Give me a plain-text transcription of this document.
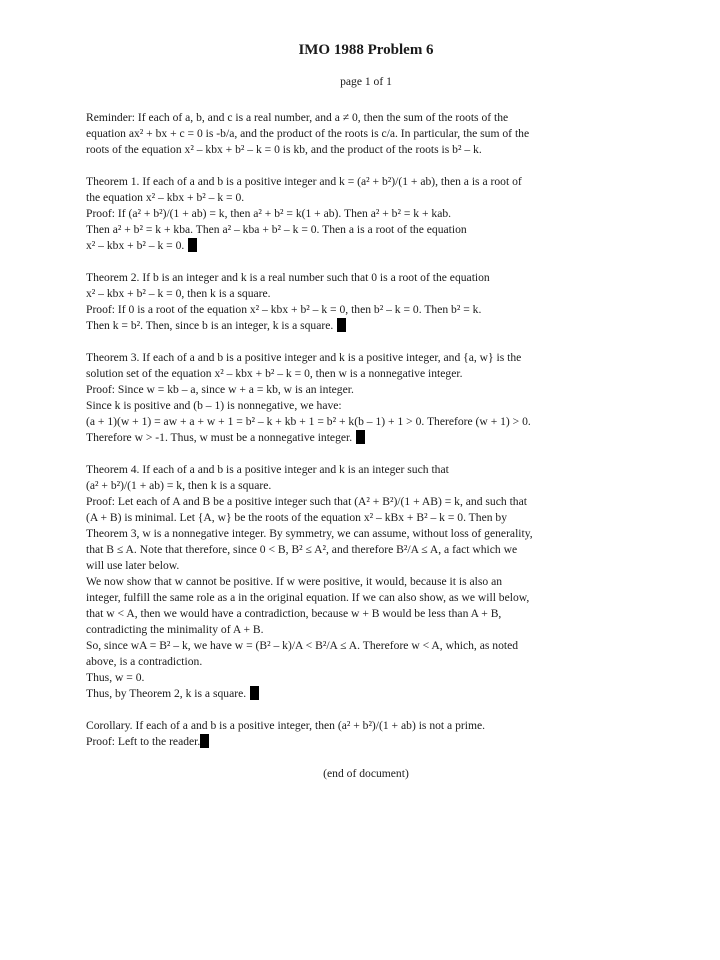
IMO 1988 Problem 6
page 1 of 1
Reminder: If each of a, b, and c is a real number, and a ≠ 0, then the sum of the roots of the
equation ax² + bx + c = 0 is -b/a, and the product of the roots is c/a. In particular, the sum of the
roots of the equation x² – kbx + b² – k = 0 is kb, and the product of the roots is b² – k.
Theorem 1. If each of a and b is a positive integer and k = (a² + b²)/(1 + ab), then a is a root of
the equation x² – kbx + b² – k = 0.
Proof: If (a² + b²)/(1 + ab) = k, then a² + b² = k(1 + ab). Then a² + b² = k + kab.
Then a² + b² = k + kba. Then a² – kba + b² – k = 0. Then a is a root of the equation
x² – kbx + b² – k = 0.
Theorem 2. If b is an integer and k is a real number such that 0 is a root of the equation
x² – kbx + b² – k = 0, then k is a square.
Proof: If 0 is a root of the equation x² – kbx + b² – k = 0, then b² – k = 0. Then b² = k.
Then k = b². Then, since b is an integer, k is a square.
Theorem 3. If each of a and b is a positive integer and k is a positive integer, and {a, w} is the
solution set of the equation x² – kbx + b² – k = 0, then w is a nonnegative integer.
Proof: Since w = kb – a, since w + a = kb, w is an integer.
Since k is positive and (b – 1) is nonnegative, we have:
(a + 1)(w + 1) = aw + a + w + 1 = b² – k + kb + 1 = b² + k(b – 1) + 1 > 0. Therefore (w + 1) > 0.
Therefore w > -1. Thus, w must be a nonnegative integer.
Theorem 4. If each of a and b is a positive integer and k is an integer such that
(a² + b²)/(1 + ab) = k, then k is a square.
Proof: Let each of A and B be a positive integer such that (A² + B²)/(1 + AB) = k, and such that
(A + B) is minimal. Let {A, w} be the roots of the equation x² – kBx + B² – k = 0. Then by
Theorem 3, w is a nonnegative integer. By symmetry, we can assume, without loss of generality,
that B ≤ A. Note that therefore, since 0 < B, B² ≤ A², and therefore B²/A ≤ A, a fact which we
will use later below.
We now show that w cannot be positive. If w were positive, it would, because it is also an
integer, fulfill the same role as a in the original equation. If we can also show, as we will below,
that w < A, then we would have a contradiction, because w + B would be less than A + B,
contradicting the minimality of A + B.
So, since wA = B² – k, we have w = (B² – k)/A < B²/A ≤ A. Therefore w < A, which, as noted
above, is a contradiction.
Thus, w = 0.
Thus, by Theorem 2, k is a square.
Corollary. If each of a and b is a positive integer, then (a² + b²)/(1 + ab) is not a prime.
Proof: Left to the reader.
(end of document)
